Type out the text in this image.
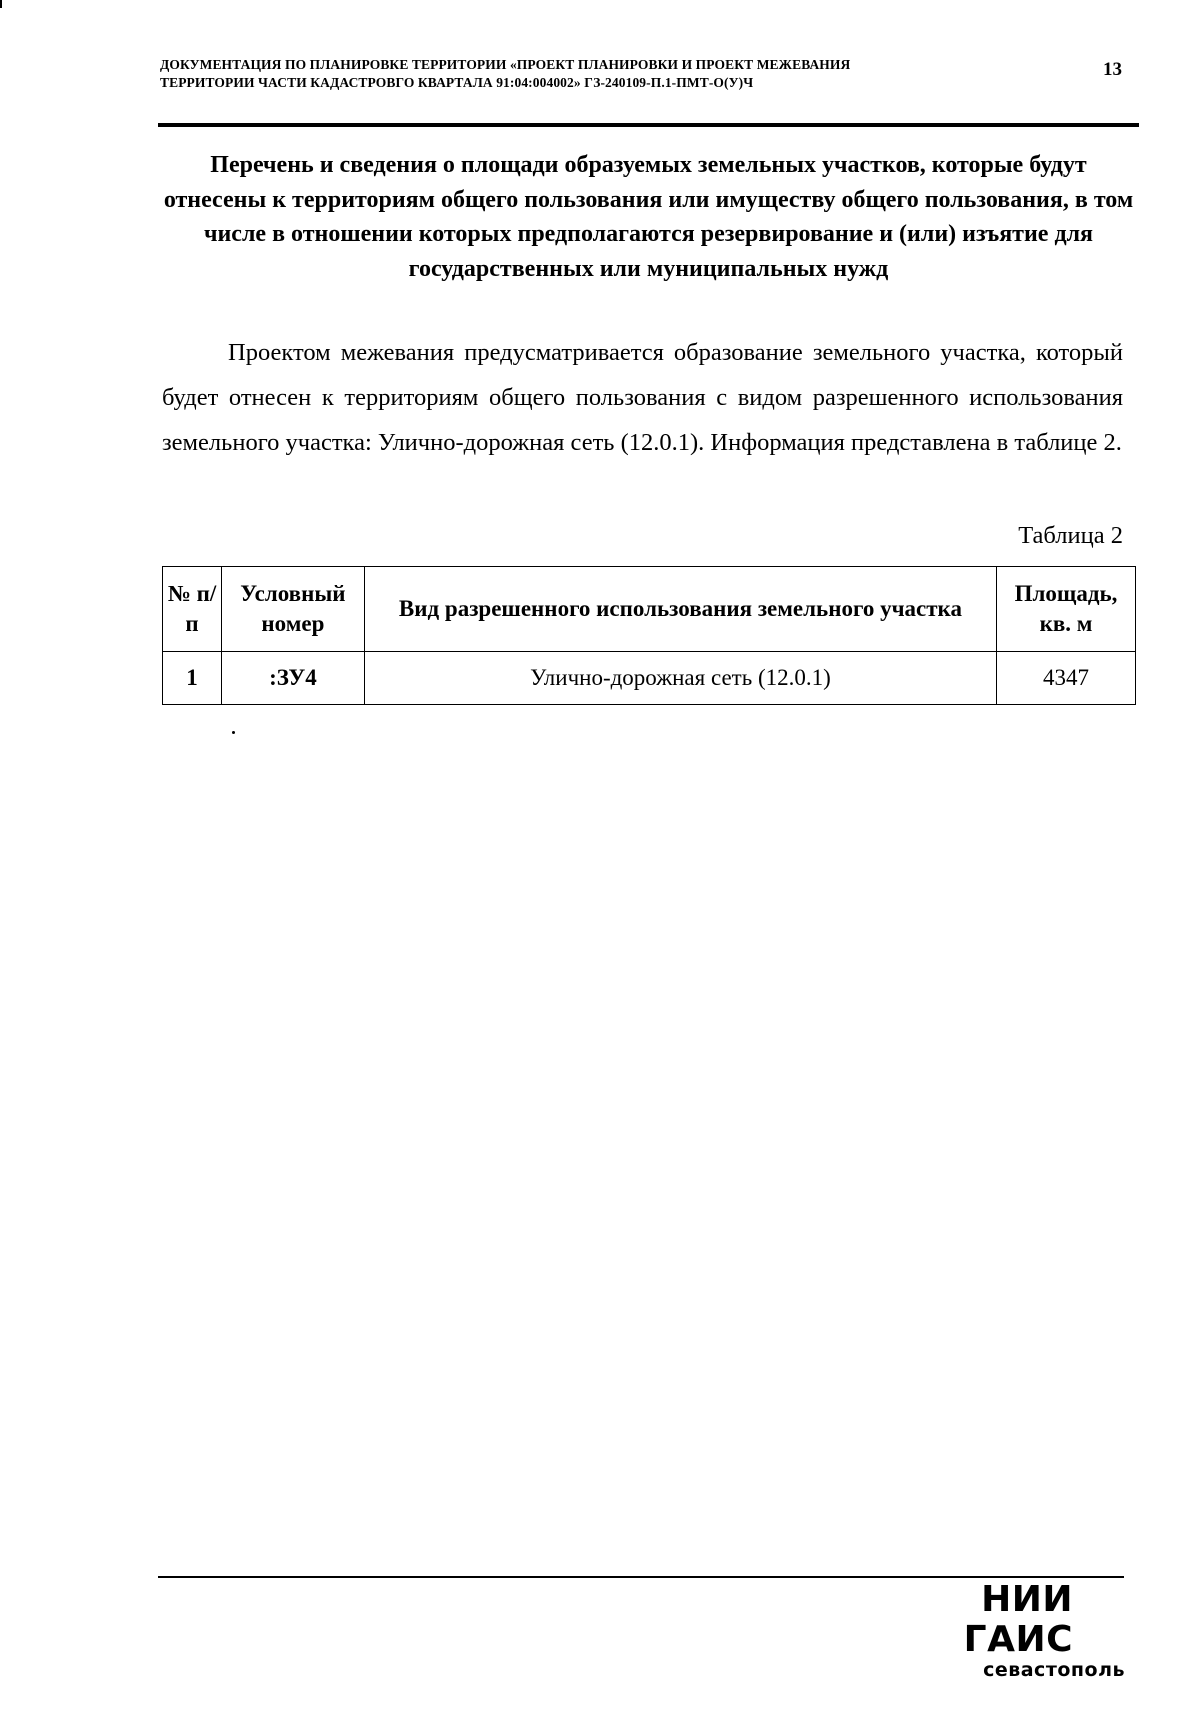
ДОКУМЕНТАЦИЯ ПО ПЛАНИРОВКЕ ТЕРРИТОРИИ «ПРОЕКТ ПЛАНИРОВКИ И ПРОЕКТ МЕЖЕВАНИЯ
ТЕРРИТОРИИ ЧАСТИ КАДАСТРОВГО КВАРТАЛА 91:04:004002» ГЗ-240109-П.1-ПМТ-О(У)Ч
13
Перечень и сведения о площади образуемых земельных участков, которые будут отнесены к территориям общего пользования или имуществу общего пользования, в том числе в отношении которых предполагаются резервирование и (или) изъятие для государственных или муниципальных нужд
Проектом межевания предусматривается образование земельного участка, который будет отнесен к территориям общего пользования с видом разрешенного использования земельного участка: Улично-дорожная сеть (12.0.1). Информация представлена в таблице 2.
Таблица 2
№ п/п	Условный номер	Вид разрешенного использования земельного участка	Площадь, кв. м
1	:ЗУ4	Улично-дорожная сеть (12.0.1)	4347
НИИ ГАИС
севастополь
